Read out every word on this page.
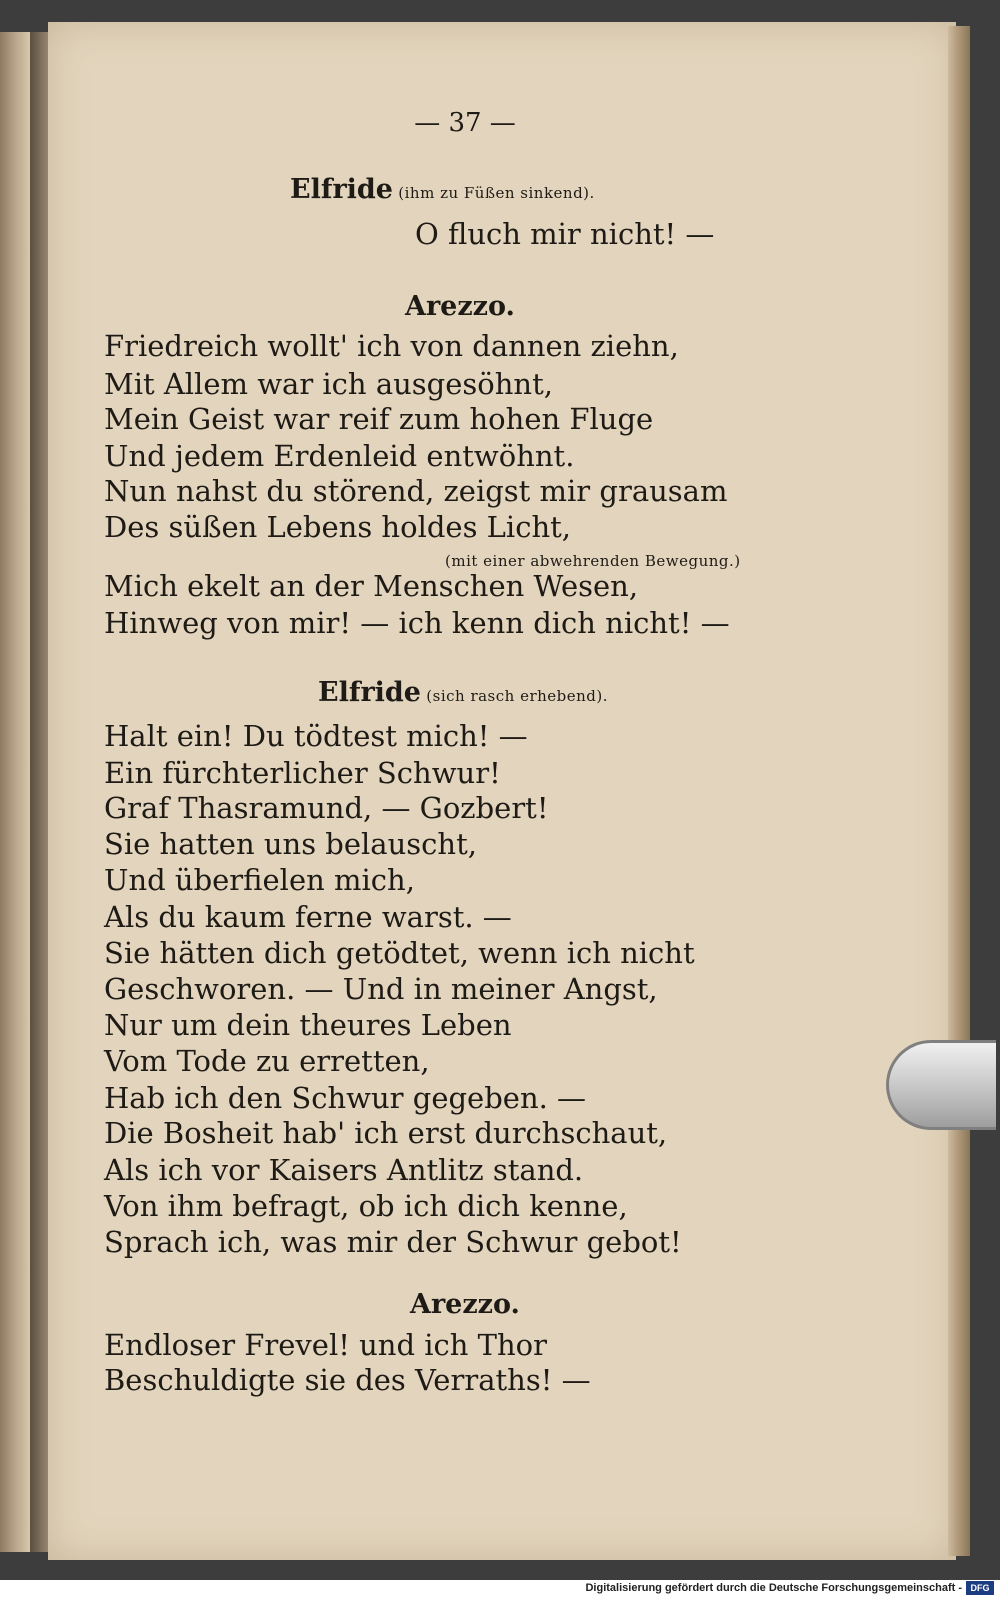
— 37 —
Elfride (ihm zu Füßen sinkend).
O fluch mir nicht! —
Arezzo.
Friedreich wollt' ich von dannen ziehn,
Mit Allem war ich ausgesöhnt,
Mein Geist war reif zum hohen Fluge
Und jedem Erdenleid entwöhnt.
Nun nahst du störend, zeigst mir grausam
Des süßen Lebens holdes Licht,
(mit einer abwehrenden Bewegung.)
Mich ekelt an der Menschen Wesen,
Hinweg von mir! — ich kenn dich nicht! —
Elfride (sich rasch erhebend).
Halt ein! Du tödtest mich! —
Ein fürchterlicher Schwur!
Graf Thasramund, — Gozbert!
Sie hatten uns belauscht,
Und überfielen mich,
Als du kaum ferne warst. —
Sie hätten dich getödtet, wenn ich nicht
Geschworen. — Und in meiner Angst,
Nur um dein theures Leben
Vom Tode zu erretten,
Hab ich den Schwur gegeben. —
Die Bosheit hab' ich erst durchschaut,
Als ich vor Kaisers Antlitz stand.
Von ihm befragt, ob ich dich kenne,
Sprach ich, was mir der Schwur gebot!
Arezzo.
Endloser Frevel! und ich Thor
Beschuldigte sie des Verraths! —
Digitalisierung gefördert durch die Deutsche Forschungsgemeinschaft - DFG
